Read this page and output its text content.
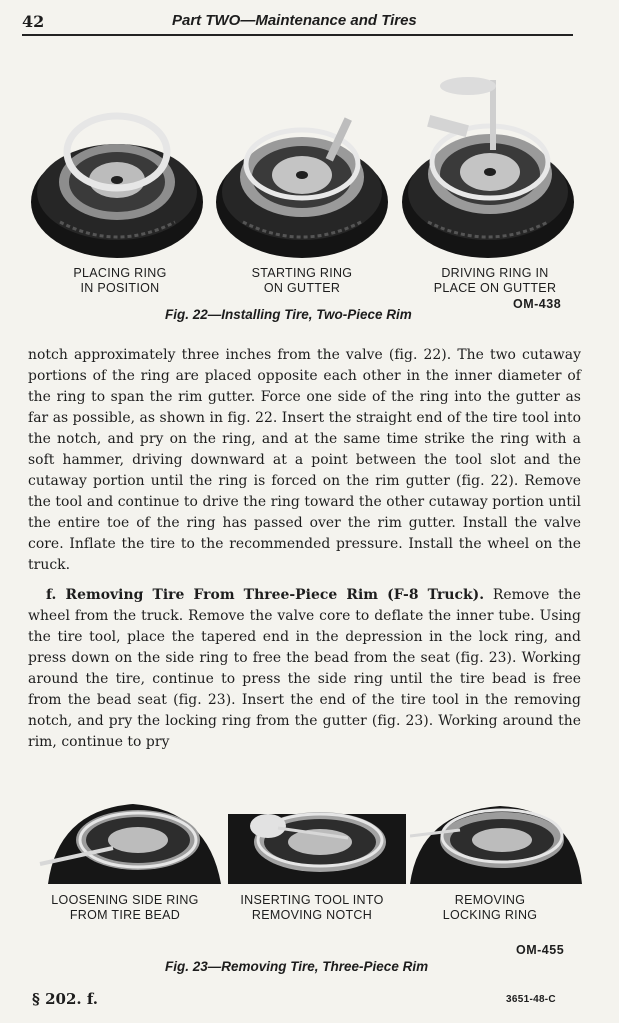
42	Part TWO—Maintenance and Tires
PLACING RING
IN POSITION
STARTING RING
ON GUTTER
DRIVING RING IN
PLACE ON GUTTER
OM-438
Fig. 22—Installing Tire, Two-Piece Rim

notch approximately three inches from the valve (fig. 22). The two cutaway portions of the ring are placed opposite each other in the inner diameter of the ring to span the rim gutter. Force one side of the ring into the gutter as far as possible, as shown in fig. 22. Insert the straight end of the tire tool into the notch, and pry on the ring, and at the same time strike the ring with a soft hammer, driving downward at a point between the tool slot and the cutaway portion until the ring is forced on the rim gutter (fig. 22). Remove the tool and continue to drive the ring toward the other cutaway portion until the entire toe of the ring has passed over the rim gutter. Install the valve core. Inflate the tire to the recommended pressure. Install the wheel on the truck.

f. Removing Tire From Three-Piece Rim (F-8 Truck). Remove the wheel from the truck. Remove the valve core to deflate the inner tube. Using the tire tool, place the tapered end in the depression in the lock ring, and press down on the side ring to free the bead from the seat (fig. 23). Working around the tire, continue to press the side ring until the tire bead is free from the bead seat (fig. 23). Insert the end of the tire tool in the removing notch, and pry the locking ring from the gutter (fig. 23). Working around the rim, continue to pry

LOOSENING SIDE RING
FROM TIRE BEAD
INSERTING TOOL INTO
REMOVING NOTCH
REMOVING
LOCKING RING
OM-455
Fig. 23—Removing Tire, Three-Piece Rim
§ 202. f.	3651-48-C
